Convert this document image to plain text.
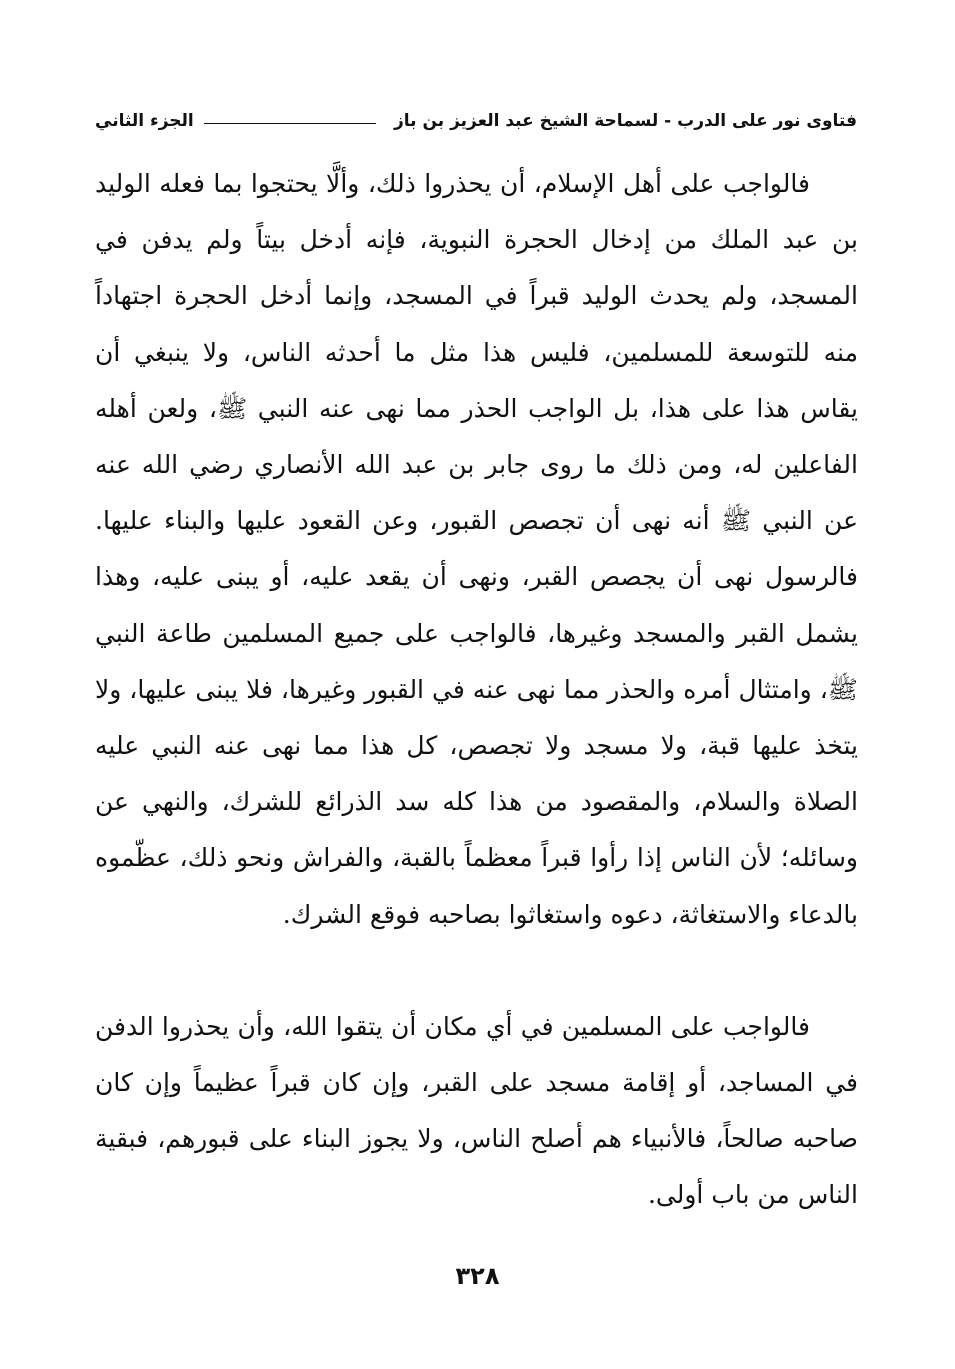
فتاوى نور على الدرب - لسماحة الشيخ عبد العزيز بن باز
الجزء الثاني

فالواجب على أهل الإسلام، أن يحذروا ذلك، وألَّا يحتجوا بما فعله الوليد بن عبد الملك من إدخال الحجرة النبوية، فإنه أدخل بيتاً ولم يدفن في المسجد، ولم يحدث الوليد قبراً في المسجد، وإنما أدخل الحجرة اجتهاداً منه للتوسعة للمسلمين، فليس هذا مثل ما أحدثه الناس، ولا ينبغي أن يقاس هذا على هذا، بل الواجب الحذر مما نهى عنه النبي ﷺ، ولعن أهله الفاعلين له، ومن ذلك ما روى جابر بن عبد الله الأنصاري رضي الله عنه عن النبي ﷺ أنه نهى أن تجصص القبور، وعن القعود عليها والبناء عليها. فالرسول نهى أن يجصص القبر، ونهى أن يقعد عليه، أو يبنى عليه، وهذا يشمل القبر والمسجد وغيرها، فالواجب على جميع المسلمين طاعة النبي ﷺ، وامتثال أمره والحذر مما نهى عنه في القبور وغيرها، فلا يبنى عليها، ولا يتخذ عليها قبة، ولا مسجد ولا تجصص، كل هذا مما نهى عنه النبي عليه الصلاة والسلام، والمقصود من هذا كله سد الذرائع للشرك، والنهي عن وسائله؛ لأن الناس إذا رأوا قبراً معظماً بالقبة، والفراش ونحو ذلك، عظّموه بالدعاء والاستغاثة، دعوه واستغاثوا بصاحبه فوقع الشرك.

فالواجب على المسلمين في أي مكان أن يتقوا الله، وأن يحذروا الدفن في المساجد، أو إقامة مسجد على القبر، وإن كان قبراً عظيماً وإن كان صاحبه صالحاً، فالأنبياء هم أصلح الناس، ولا يجوز البناء على قبورهم، فبقية الناس من باب أولى.

٣٢٨
